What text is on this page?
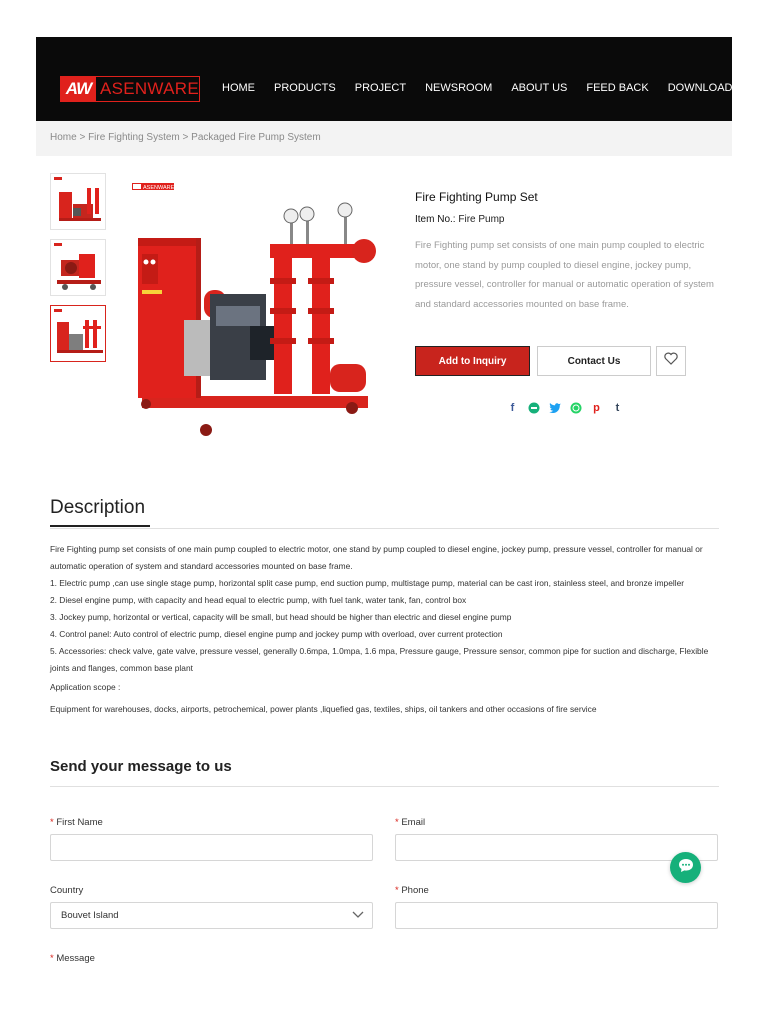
AW ASENWARE HOME PRODUCTS PROJECT NEWSROOM ABOUT US FEED BACK DOWNLOAD
Home > Fire Fighting System > Packaged Fire Pump System
ASENWARE
Fire Fighting Pump Set
Item No.: Fire Pump
Fire Fighting pump set consists of one main pump coupled to electric motor, one stand by pump coupled to diesel engine, jockey pump, pressure vessel, controller for manual or automatic operation of system and standard accessories mounted on base frame.
Add to Inquiry	Contact Us
f	p	t
Description

Fire Fighting pump set consists of one main pump coupled to electric motor, one stand by pump coupled to diesel engine, jockey pump, pressure vessel, controller for manual or automatic operation of system and standard accessories mounted on base frame.

1. Electric pump ,can use single stage pump, horizontal split case pump, end suction pump, multistage pump, material can be cast iron, stainless steel, and bronze impeller

2. Diesel engine pump, with capacity and head equal to electric pump, with fuel tank, water tank, fan, control box

3. Jockey pump, horizontal or vertical, capacity will be small, but head should be higher than electric and diesel engine pump

4. Control panel: Auto control of electric pump, diesel engine pump and jockey pump with overload, over current protection

5. Accessories: check valve, gate valve, pressure vessel, generally 0.6mpa, 1.0mpa, 1.6 mpa, Pressure gauge, Pressure sensor, common pipe for suction and discharge, Flexible joints and flanges, common base plant

Application scope :

Equipment for warehouses, docks, airports, petrochemical, power plants ,liquefied gas, textiles, ships, oil tankers and other occasions of fire service

Send your message to us
* First Name	* Email
Country
Bouvet Island
* Phone
* Message
